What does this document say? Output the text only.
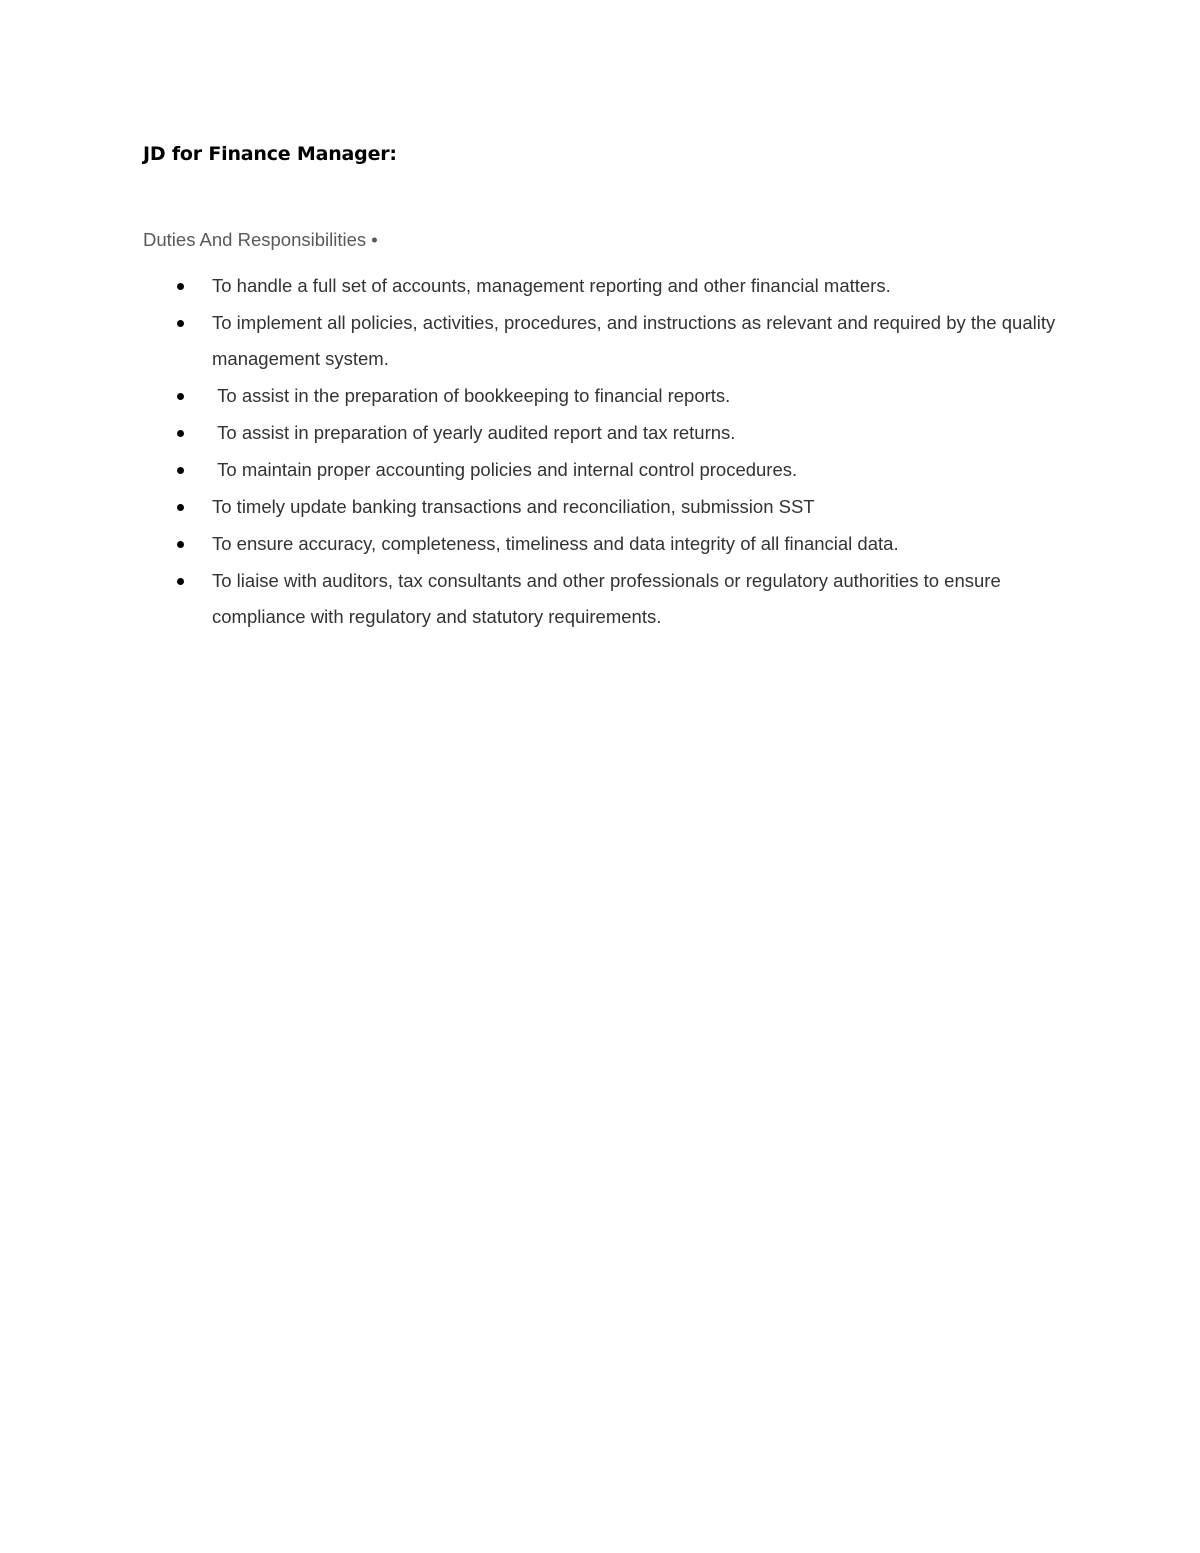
JD for Finance Manager:

Duties And Responsibilities •

To handle a full set of accounts, management reporting and other financial matters.
To implement all policies, activities, procedures, and instructions as relevant and required by the quality management system.
To assist in the preparation of bookkeeping to financial reports.
To assist in preparation of yearly audited report and tax returns.
To maintain proper accounting policies and internal control procedures.
To timely update banking transactions and reconciliation, submission SST
To ensure accuracy, completeness, timeliness and data integrity of all financial data.
To liaise with auditors, tax consultants and other professionals or regulatory authorities to ensure compliance with regulatory and statutory requirements.
